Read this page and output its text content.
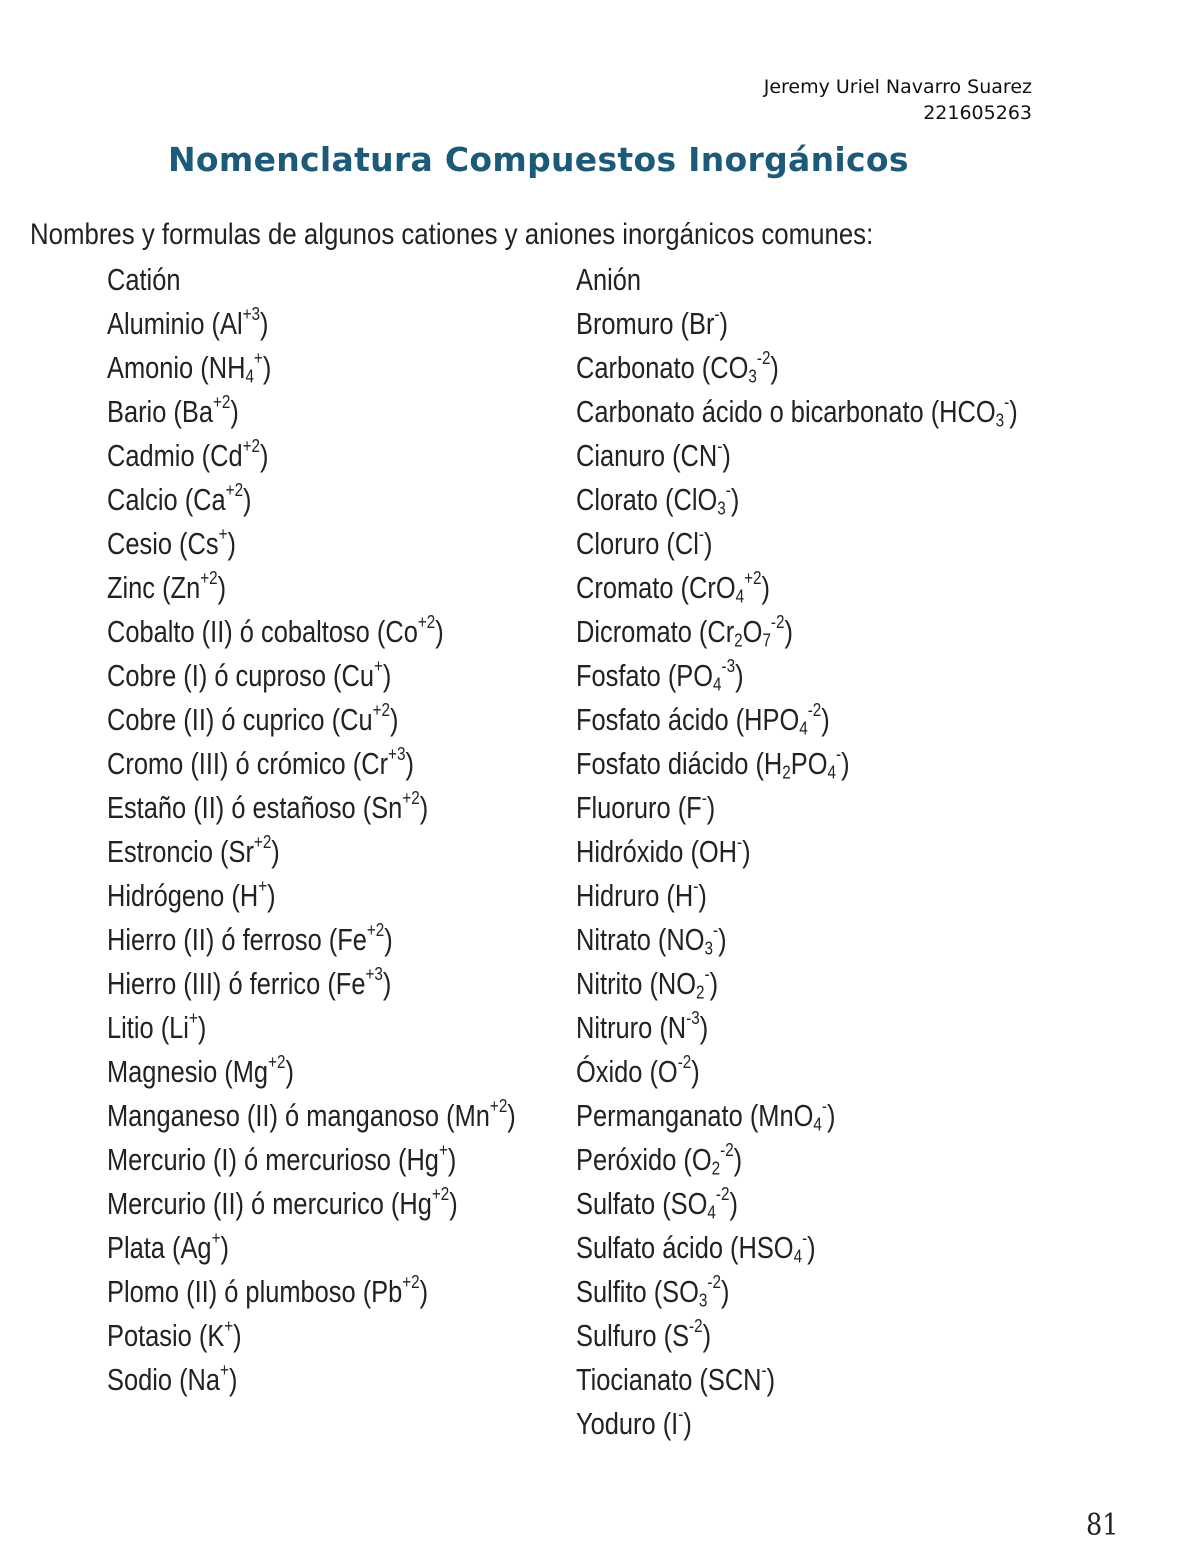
Jeremy Uriel Navarro Suarez
221605263
Nomenclatura Compuestos Inorgánicos
Nombres y formulas de algunos cationes y aniones inorgánicos comunes:
Catión
Aluminio $(Al^{+3})$
Amonio $(NH_4^+)$
Bario $(Ba^{+2})$
Cadmio $(Cd^{+2})$
Calcio $(Ca^{+2})$
Cesio (Cs+)
Zinc $(Zn^{+2})$
Cobalto (II) ó cobaltoso $(Co^{+2})$
Cobre (I) ó cuproso (Cu+)
Cobre (II) ó cuprico $(Cu^{+2})$
Cromo (III) ó crómico $(Cr^{+3})$
Estaño (II) ó estañoso $(Sn^{+2})$
Estroncio $(Sr^{+2})$
Hidrógeno (H+)
Hierro (II) ó ferroso $(Fe^{+2})$
Hierro (III) ó ferrico $(Fe^{+3})$
Litio (Li+)
Magnesio $(Mg^{+2})$
Manganeso (II) ó manganoso $(Mn^{+2})$
Mercurio (I) ó mercurioso (Hg+)
Mercurio (II) ó mercurico $(Hg^{+2})$
Plata (Ag+)
Plomo (II) ó plumboso $(Pb^{+2})$
Potasio (K+)
Sodio (Na+)
Anión
Bromuro (Br-)
Carbonato $(CO_3^{-2})$
Carbonato ácido o bicarbonato $(HCO_3^-)$
Cianuro (CN-)
Clorato (ClO$_3$-)
Cloruro (Cl-)
Cromato (CrO$_4^{+2}$)
Dicromato $(Cr_2O_7^{-2})$
Fosfato $(PO_4^{-3})$
Fosfato ácido $(HPO_4^{-2})$
Fosfato diácido $(H_2PO_4^-)$
Fluoruro (F-)
Hidróxido (OH-)
Hidruro (H-)
Nitrato $(NO_3^-)$
Nitrito $(NO_2^-)$
Nitruro $(N^{-3})$
Óxido $(O^{-2})$
Permanganato (MnO$_4$-)
Peróxido $(O_2^{-2})$
Sulfato $(SO_4^{-2})$
Sulfato ácido $(HSO_4^-)$
Sulfito $(SO_3^{-2})$
Sulfuro $(S^{-2})$
Tiocianato (SCN-)
Yoduro (I-)
81
